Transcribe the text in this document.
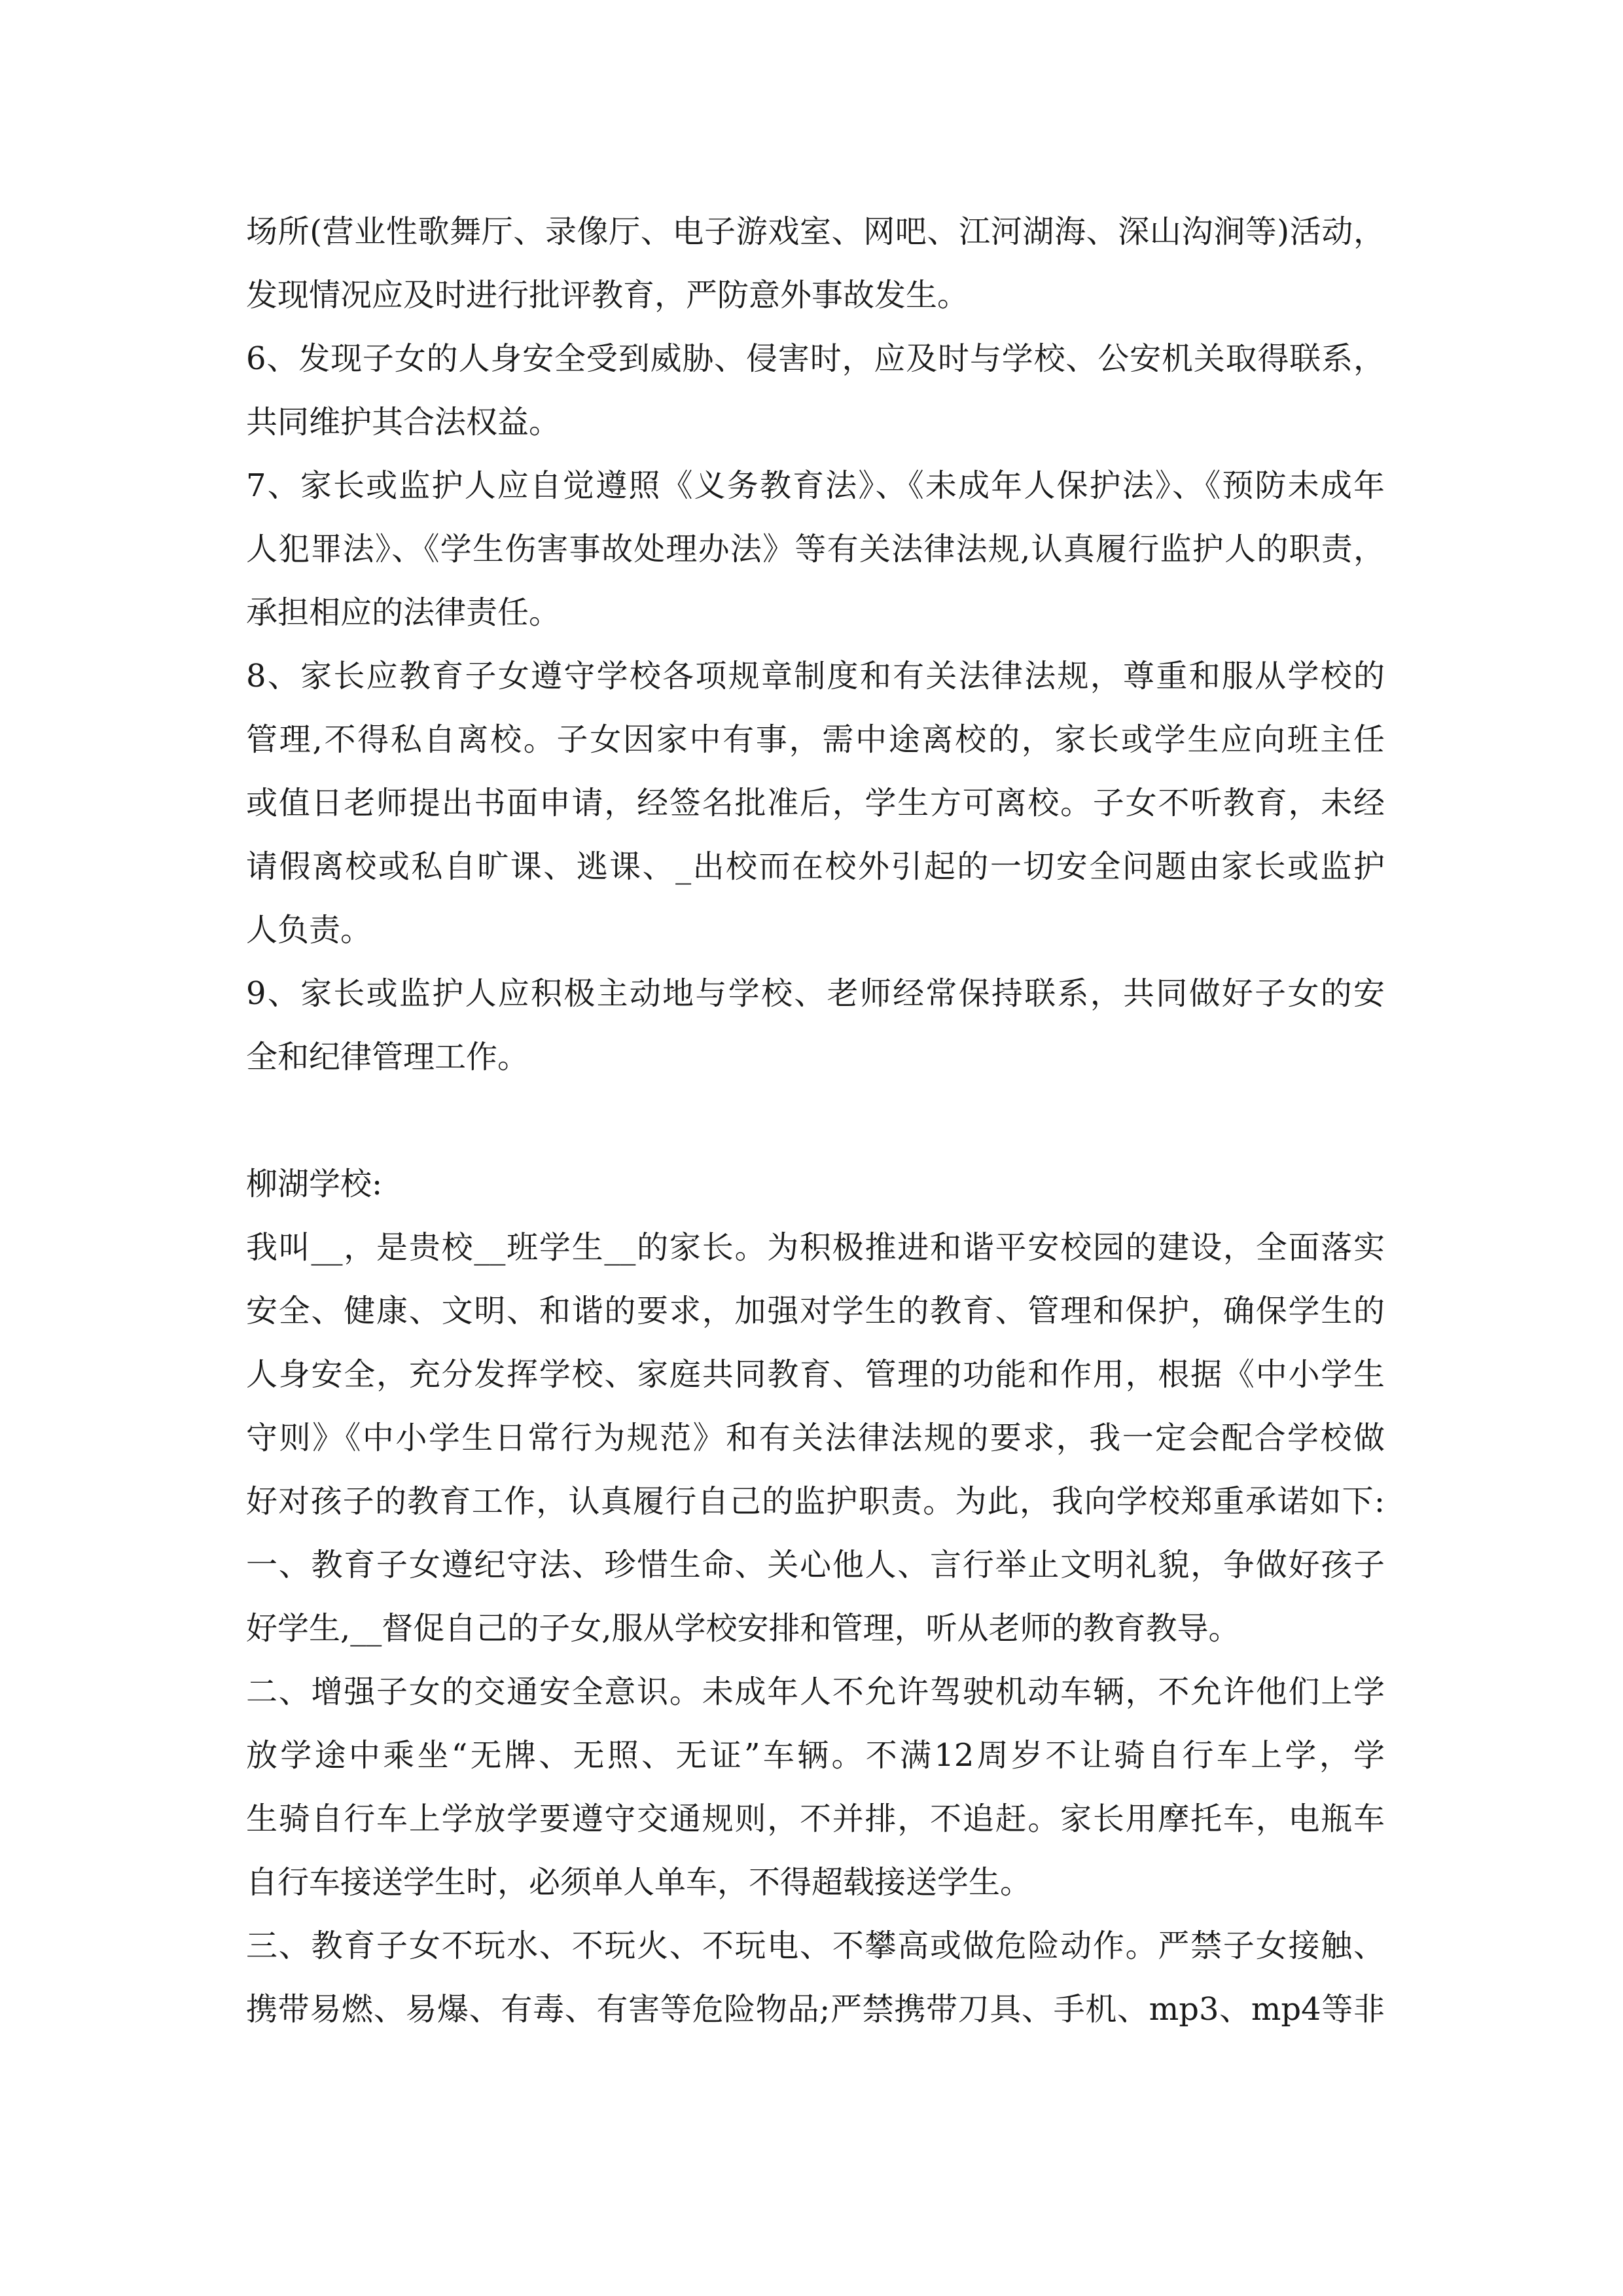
场所(营业性歌舞厅、录像厅、电子游戏室、网吧、江河湖海、深山沟涧等)活动，
发现情况应及时进行批评教育，严防意外事故发生。
6、发现子女的人身安全受到威胁、侵害时，应及时与学校、公安机关取得联系，
共同维护其合法权益。
7、家长或监护人应自觉遵照《义务教育法》、《未成年人保护法》、《预防未成年
人犯罪法》、《学生伤害事故处理办法》等有关法律法规,认真履行监护人的职责，
承担相应的法律责任。
8、家长应教育子女遵守学校各项规章制度和有关法律法规，尊重和服从学校的
管理,不得私自离校。子女因家中有事，需中途离校的，家长或学生应向班主任
或值日老师提出书面申请，经签名批准后，学生方可离校。子女不听教育，未经
请假离校或私自旷课、逃课、_出校而在校外引起的一切安全问题由家长或监护
人负责。
9、家长或监护人应积极主动地与学校、老师经常保持联系，共同做好子女的安
全和纪律管理工作。
柳湖学校:
我叫__，是贵校__班学生__的家长。为积极推进和谐平安校园的建设，全面落实
安全、健康、文明、和谐的要求，加强对学生的教育、管理和保护，确保学生的
人身安全，充分发挥学校、家庭共同教育、管理的功能和作用，根据《中小学生
守则》《中小学生日常行为规范》和有关法律法规的要求，我一定会配合学校做
好对孩子的教育工作，认真履行自己的监护职责。为此，我向学校郑重承诺如下:
一、教育子女遵纪守法、珍惜生命、关心他人、言行举止文明礼貌，争做好孩子
好学生,__督促自己的子女,服从学校安排和管理，听从老师的教育教导。
二、增强子女的交通安全意识。未成年人不允许驾驶机动车辆，不允许他们上学
放学途中乘坐“无牌、无照、无证”车辆。不满12周岁不让骑自行车上学，学
生骑自行车上学放学要遵守交通规则，不并排，不追赶。家长用摩托车，电瓶车
自行车接送学生时，必须单人单车，不得超载接送学生。
三、教育子女不玩水、不玩火、不玩电、不攀高或做危险动作。严禁子女接触、
携带易燃、易爆、有毒、有害等危险物品;严禁携带刀具、手机、mp3、mp4等非
